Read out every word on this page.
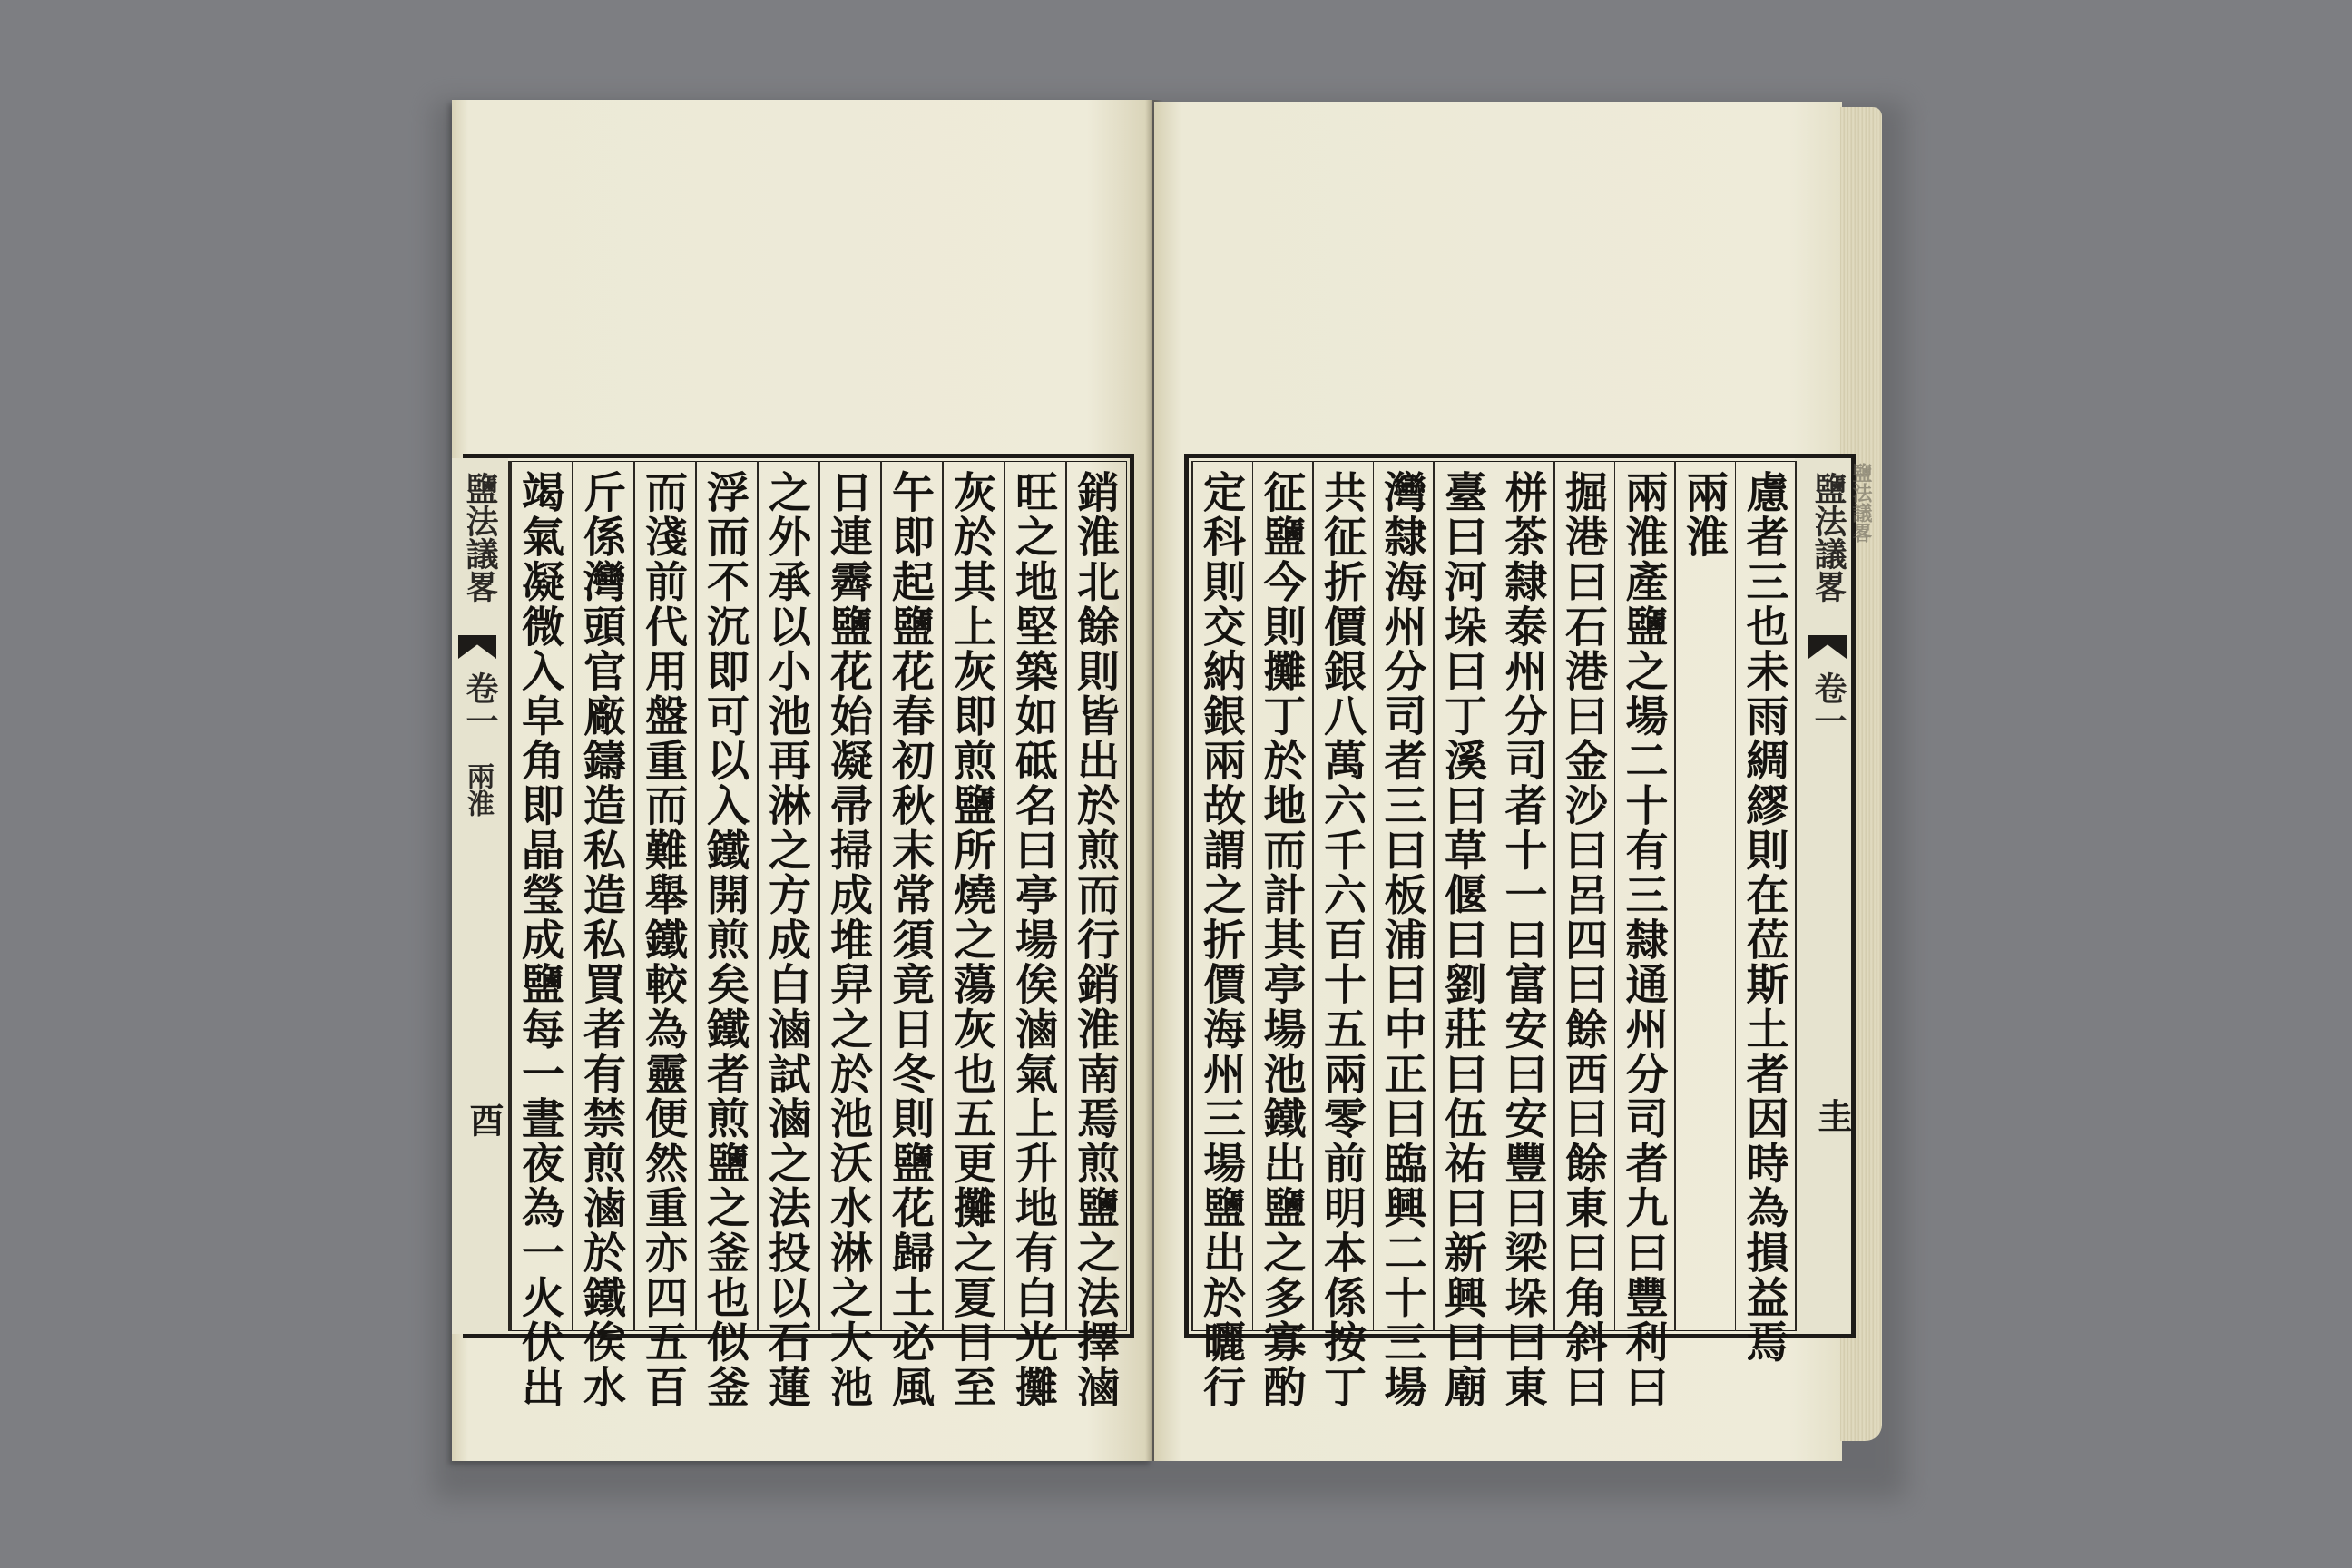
鹽法議畧
卷一
兩淮
酉	銷淮北餘則皆出於煎而行銷淮南焉煎鹽之法擇滷
旺之地堅築如砥名曰亭場俟滷氣上升地有白光攤
灰於其上灰即煎鹽所燒之蕩灰也五更攤之夏日至
午即起鹽花春初秋末常須竟日冬則鹽花歸土必風
日連霽鹽花始凝帚掃成堆舁之於池沃水淋之大池
之外承以小池再淋之方成白滷試滷之法投以石蓮
浮而不沉即可以入鐵開煎矣鐵者煎鹽之釜也似釜
而淺前代用盤重而難舉鐵較為靈便然重亦四五百
斤係灣頭官廠鑄造私造私買者有禁煎滷於鐵俟水
竭氣凝微入皁角即晶瑩成鹽每一晝夜為一火伏出	鹽法議畧
卷一
圭
慮者三也未雨綢繆則在莅斯土者因時為損益焉
兩淮
兩淮產鹽之場二十有三隸通州分司者九曰豐利曰
掘港曰石港曰金沙曰呂四曰餘西曰餘東曰角斜曰
栟茶隸泰州分司者十一曰富安曰安豐曰梁垛曰東
臺曰河垛曰丁溪曰草偃曰劉莊曰伍祐曰新興曰廟
灣隸海州分司者三曰板浦曰中正曰臨興二十三場
共征折價銀八萬六千六百十五兩零前明本係按丁
征鹽今則攤丁於地而計其亭場池鐵出鹽之多寡酌
定科則交納銀兩故謂之折價海州三場鹽出於曬行	鹽法議畧
